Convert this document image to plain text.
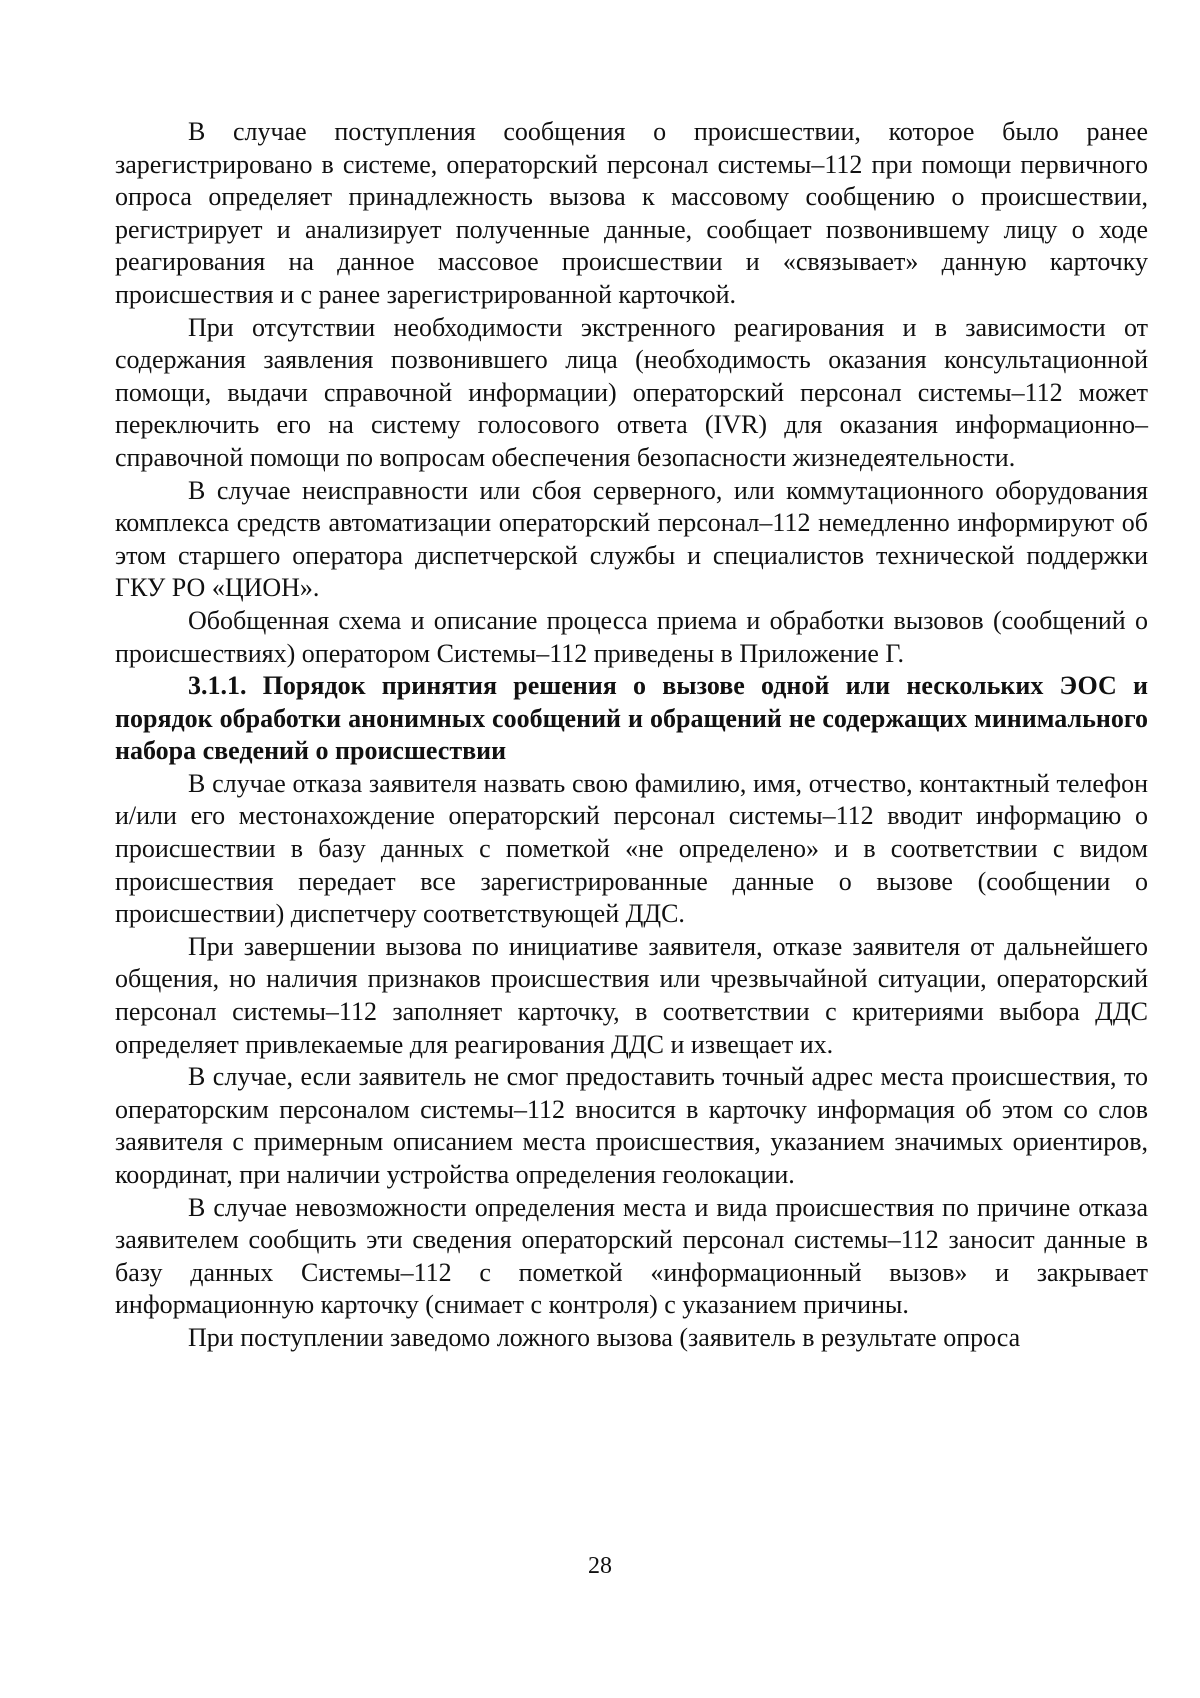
В случае поступления сообщения о происшествии, которое было ранее зарегистрировано в системе, операторский персонал системы–112 при помощи первичного опроса определяет принадлежность вызова к массовому сообщению о происшествии, регистрирует и анализирует полученные данные, сообщает позвонившему лицу о ходе реагирования на данное массовое происшествии и «связывает» данную карточку происшествия и с ранее зарегистрированной карточкой.

При отсутствии необходимости экстренного реагирования и в зависимости от содержания заявления позвонившего лица (необходимость оказания консультационной помощи, выдачи справочной информации) операторский персонал системы–112 может переключить его на систему голосового ответа (IVR) для оказания информационно–справочной помощи по вопросам обеспечения безопасности жизнедеятельности.

В случае неисправности или сбоя серверного, или коммутационного оборудования комплекса средств автоматизации операторский персонал–112 немедленно информируют об этом старшего оператора диспетчерской службы и специалистов технической поддержки ГКУ РО «ЦИОН».

Обобщенная схема и описание процесса приема и обработки вызовов (сообщений о происшествиях) оператором Системы–112 приведены в Приложение Г.

3.1.1. Порядок принятия решения о вызове одной или нескольких ЭОС и порядок обработки анонимных сообщений и обращений не содержащих минимального набора сведений о происшествии

В случае отказа заявителя назвать свою фамилию, имя, отчество, контактный телефон и/или его местонахождение операторский персонал системы–112 вводит информацию о происшествии в базу данных с пометкой «не определено» и в соответствии с видом происшествия передает все зарегистрированные данные о вызове (сообщении о происшествии) диспетчеру соответствующей ДДС.

При завершении вызова по инициативе заявителя, отказе заявителя от дальнейшего общения, но наличия признаков происшествия или чрезвычайной ситуации, операторский персонал системы–112 заполняет карточку, в соответствии с критериями выбора ДДС определяет привлекаемые для реагирования ДДС и извещает их.

В случае, если заявитель не смог предоставить точный адрес места происшествия, то операторским персоналом системы–112 вносится в карточку информация об этом со слов заявителя с примерным описанием места происшествия, указанием значимых ориентиров, координат, при наличии устройства определения геолокации.

В случае невозможности определения места и вида происшествия по причине отказа заявителем сообщить эти сведения операторский персонал системы–112 заносит данные в базу данных Системы–112 с пометкой «информационный вызов» и закрывает информационную карточку (снимает с контроля) с указанием причины.

При поступлении заведомо ложного вызова (заявитель в результате опроса

28
